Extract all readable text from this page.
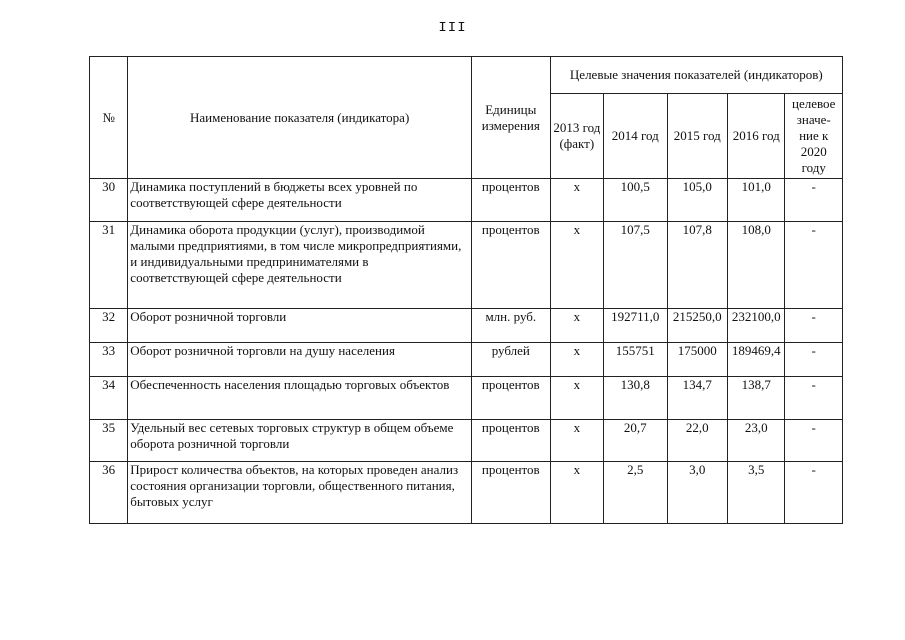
III
№	Наименование показателя (индикатора)	Единицы измерения	Целевые значения показателей (индикаторов)				
			2013 год (факт)	2014 год	2015 год	2016 год	целевое значе-ние к 2020 году
30	Динамика поступлений в бюджеты всех уровней по соответствующей сфере деятельности	процентов	х	100,5	105,0	101,0	-
31	Динамика оборота продукции (услуг), производимой малыми предприятиями, в том числе микропредприятиями, и индивидуальными предпринимателями в соответствующей сфере деятельности	процентов	х	107,5	107,8	108,0	-
32	Оборот розничной торговли	млн. руб.	х	192711,0	215250,0	232100,0	-
33	Оборот розничной торговли на душу населения	рублей	х	155751	175000	189469,4	-
34	Обеспеченность населения площадью торговых объектов	процентов	х	130,8	134,7	138,7	-
35	Удельный вес сетевых торговых структур в общем объеме оборота розничной торговли	процентов	х	20,7	22,0	23,0	-
36	Прирост количества объектов, на которых проведен анализ состояния организации торговли, общественного питания, бытовых услуг	процентов	х	2,5	3,0	3,5	-
